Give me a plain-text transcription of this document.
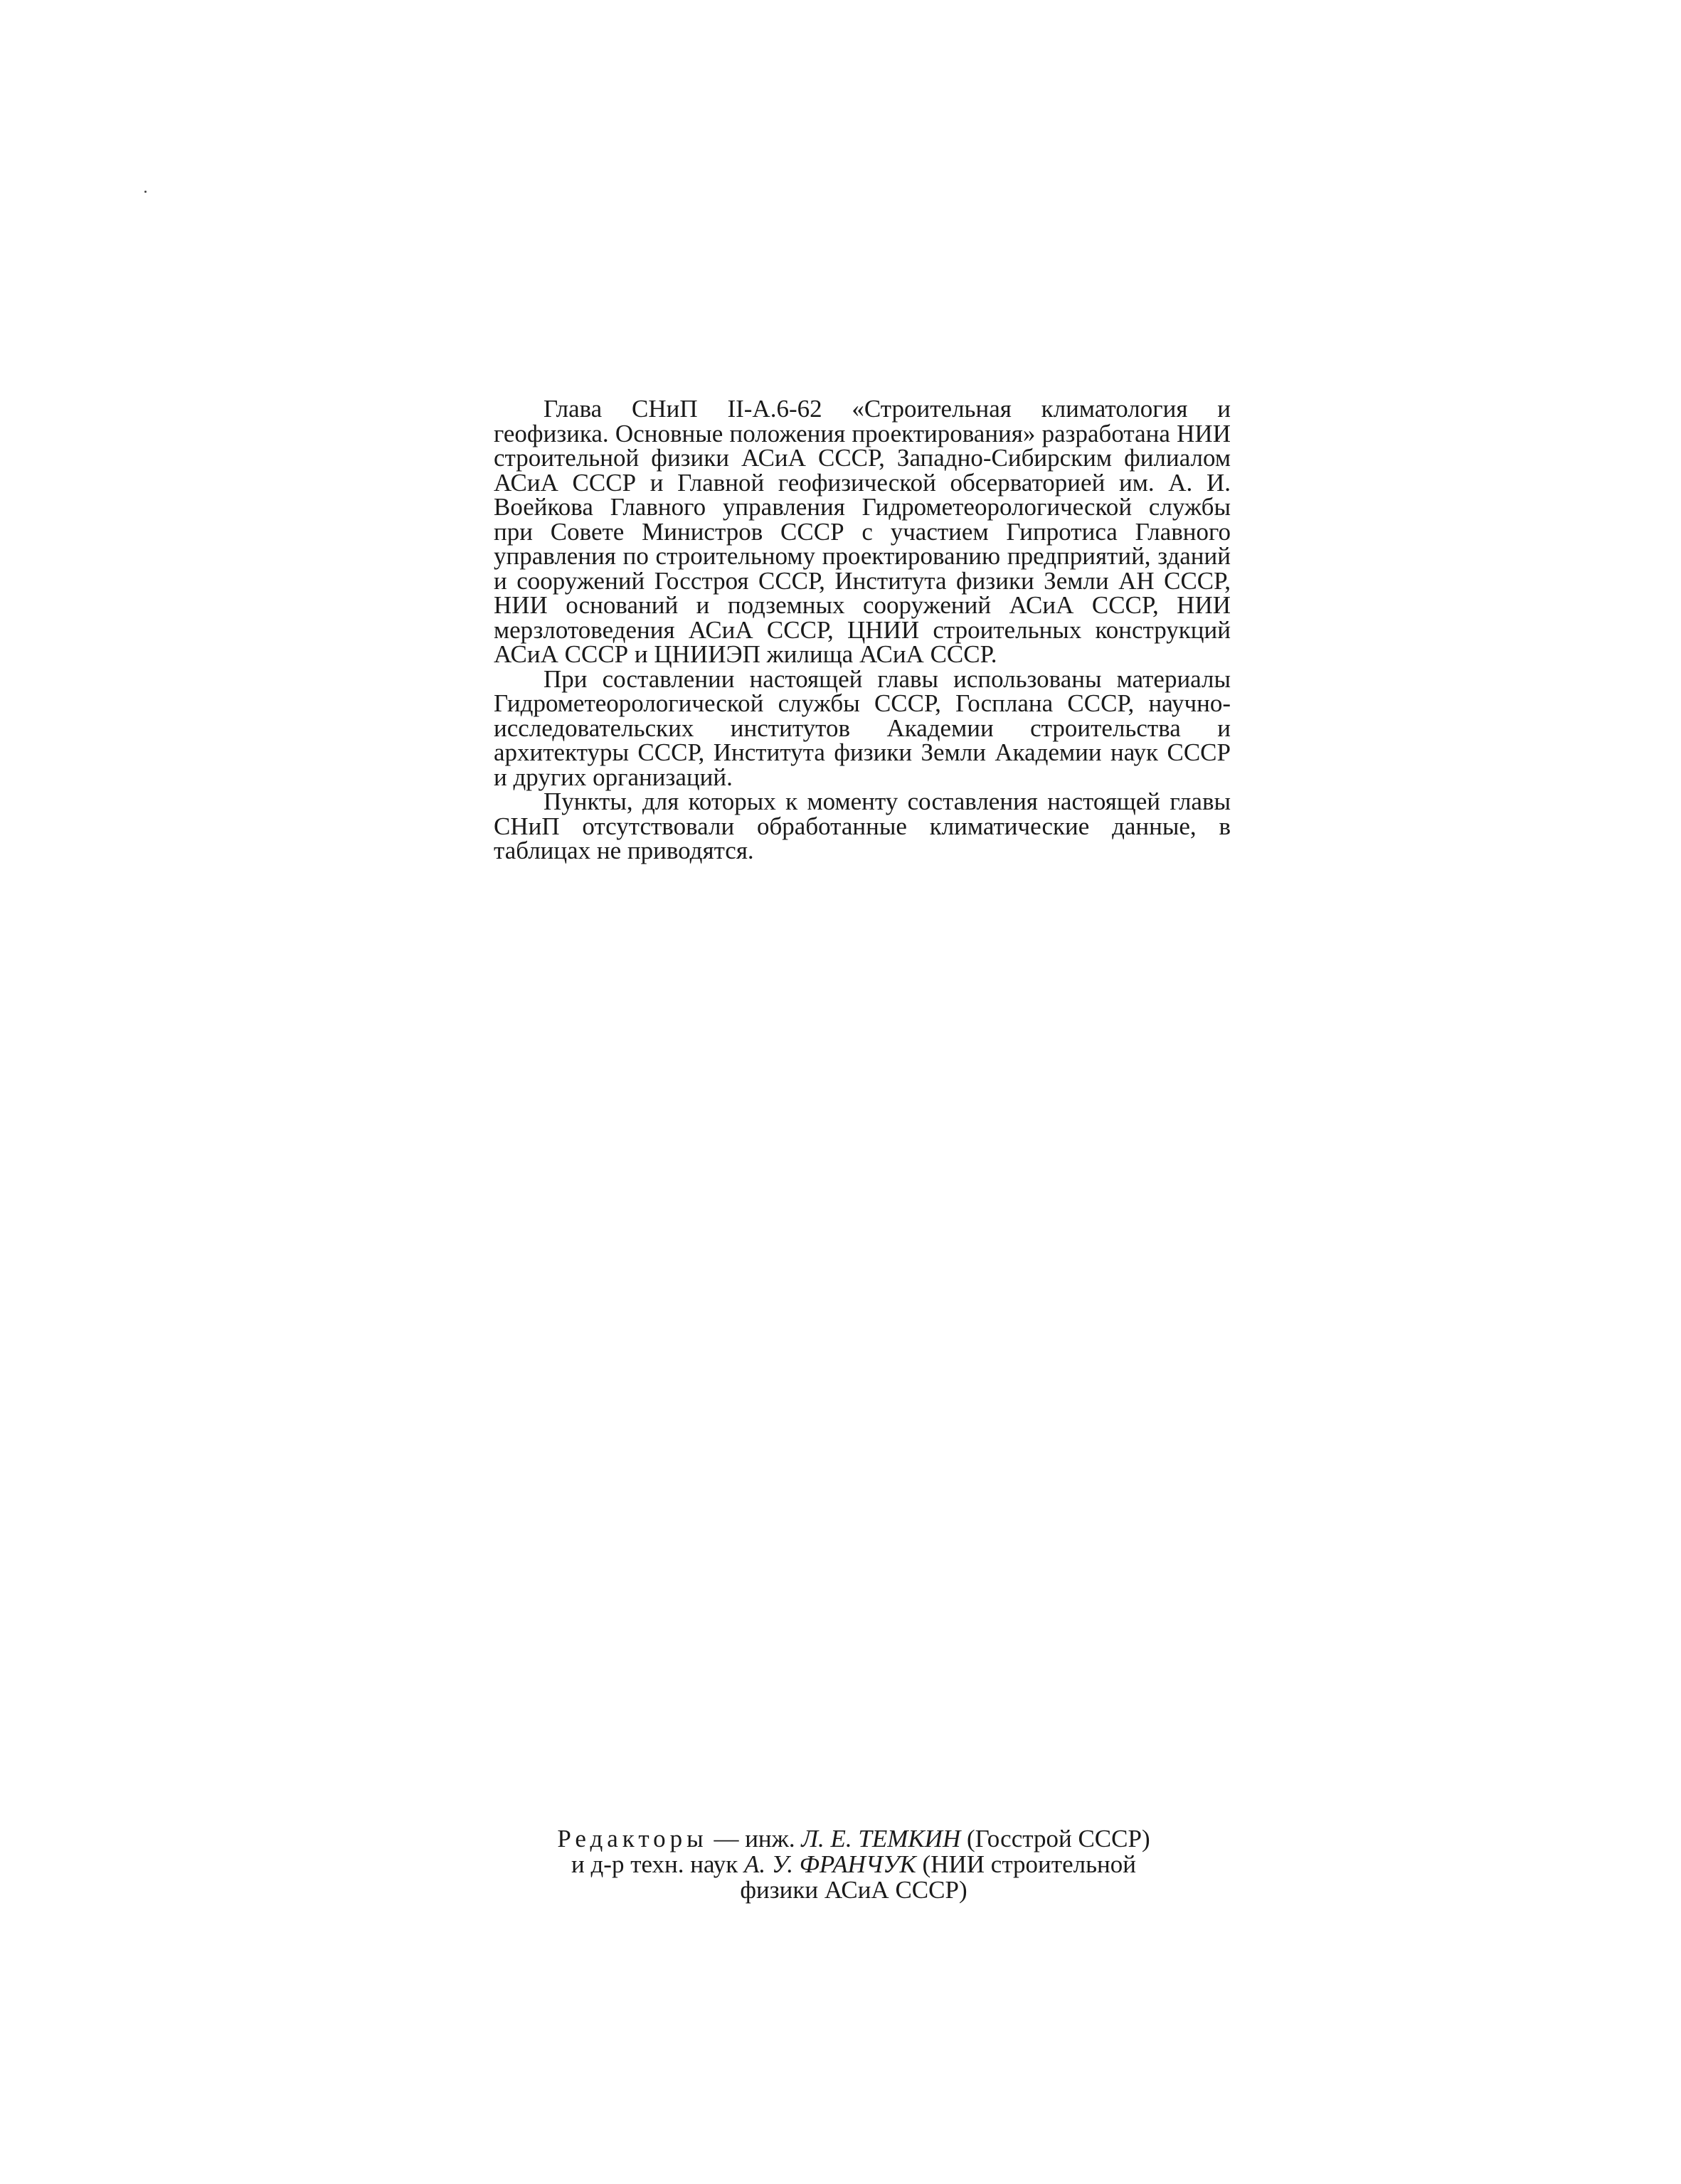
Глава СНиП II-А.6-62 «Строительная климатология и геофизика. Основные положения проектирования» разработана НИИ строительной физики АСиА СССР, Западно-Сибирским филиалом АСиА СССР и Главной геофизической обсерваторией им. А. И. Воейкова Главного управления Гидрометеорологической службы при Совете Министров СССР с участием Гипротиса Главного управления по строительному проектированию предприятий, зданий и сооружений Госстроя СССР, Института физики Земли АН СССР, НИИ оснований и подземных сооружений АСиА СССР, НИИ мерзлотоведения АСиА СССР, ЦНИИ строительных конструкций АСиА СССР и ЦНИИЭП жилища АСиА СССР.

При составлении настоящей главы использованы материалы Гидрометеорологической службы СССР, Госплана СССР, научно-исследовательских институтов Академии строительства и архитектуры СССР, Института физики Земли Академии наук СССР и других организаций.

Пункты, для которых к моменту составления настоящей главы СНиП отсутствовали обработанные климатические данные, в таблицах не приводятся.

Редакторы — инж. Л. Е. ТЕМКИН (Госстрой СССР)
и д-р техн. наук А. У. ФРАНЧУК (НИИ строительной
физики АСиА СССР)
